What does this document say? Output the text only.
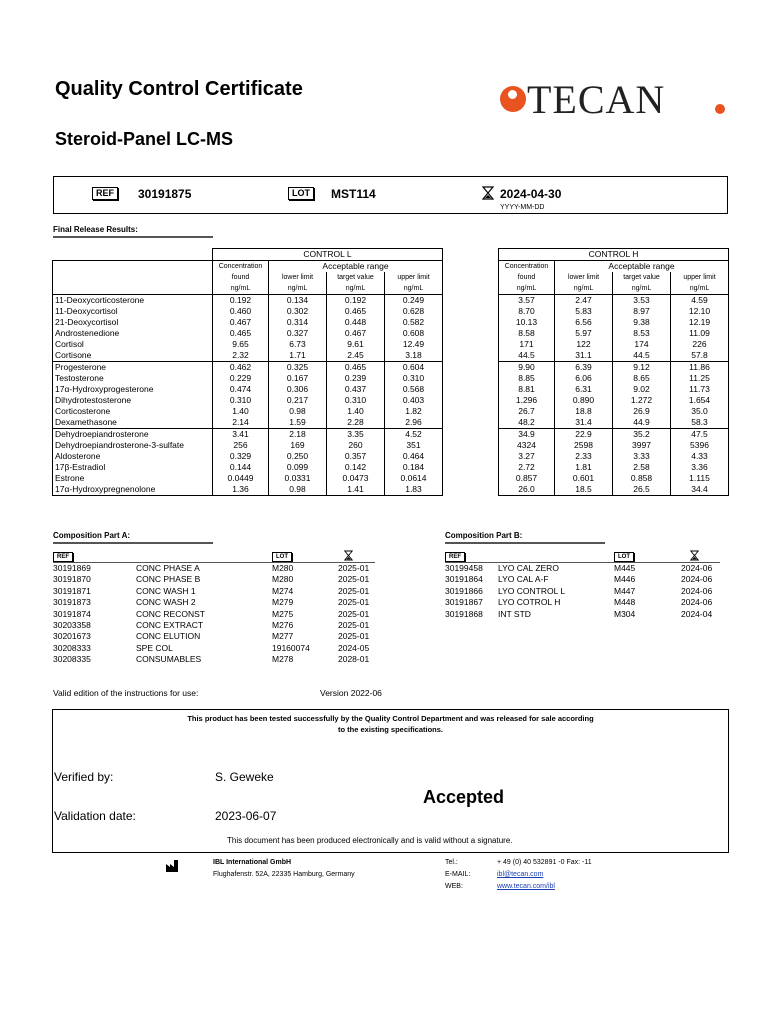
Quality Control Certificate
Steroid-Panel LC-MS
TECAN
REF	30191875	LOT	MST114	2024-04-30
YYYY-MM-DD
Final Release Results:
	CONTROL L					CONTROL H			
	Concentration	Acceptable range				Concentration	Acceptable range		
	found	lower limit	target value	upper limit		found	lower limit	target value	upper limit
	ng/mL	ng/mL	ng/mL	ng/mL		ng/mL	ng/mL	ng/mL	ng/mL
11-Deoxycorticosterone	0.192	0.134	0.192	0.249		3.57	2.47	3.53	4.59
11-Deoxycortisol	0.460	0.302	0.465	0.628		8.70	5.83	8.97	12.10
21-Deoxycortisol	0.467	0.314	0.448	0.582		10.13	6.56	9.38	12.19
Androstenedione	0.465	0.327	0.467	0.608		8.58	5.97	8.53	11.09
Cortisol	9.65	6.73	9.61	12.49		171	122	174	226
Cortisone	2.32	1.71	2.45	3.18		44.5	31.1	44.5	57.8
Progesterone	0.462	0.325	0.465	0.604		9.90	6.39	9.12	11.86
Testosterone	0.229	0.167	0.239	0.310		8.85	6.06	8.65	11.25
17α-Hydroxyprogesterone	0.474	0.306	0.437	0.568		8.81	6.31	9.02	11.73
Dihydrotestosterone	0.310	0.217	0.310	0.403		1.296	0.890	1.272	1.654
Corticosterone	1.40	0.98	1.40	1.82		26.7	18.8	26.9	35.0
Dexamethasone	2.14	1.59	2.28	2.96		48.2	31.4	44.9	58.3
Dehydroepiandrosterone	3.41	2.18	3.35	4.52		34.9	22.9	35.2	47.5
Dehydroepiandrosterone-3-sulfate	256	169	260	351		4324	2598	3997	5396
Aldosterone	0.329	0.250	0.357	0.464		3.27	2.33	3.33	4.33
17β-Estradiol	0.144	0.099	0.142	0.184		2.72	1.81	2.58	3.36
Estrone	0.0449	0.0331	0.0473	0.0614		0.857	0.601	0.858	1.115
17α-Hydroxypregnenolone	1.36	0.98	1.41	1.83		26.0	18.5	26.5	34.4
Composition Part A:
REF	LOT
30191869	CONC PHASE A	M280	2025-01
30191870	CONC PHASE B	M280	2025-01
30191871	CONC WASH 1	M274	2025-01
30191873	CONC WASH 2	M279	2025-01
30191874	CONC RECONST	M275	2025-01
30203358	CONC EXTRACT	M276	2025-01
30201673	CONC ELUTION	M277	2025-01
30208333	SPE COL	19160074	2024-05
30208335	CONSUMABLES	M278	2028-01
Composition Part B:
REF	LOT
30199458 LYO CAL ZERO	M445	2024-06
30191864 LYO CAL A-F	M446	2024-06
30191866 LYO CONTROL L	M447	2024-06
30191867 LYO COTROL H	M448	2024-06
30191868 INT STD	M304	2024-04
Valid edition of the instructions for use:	Version 2022-06
This product has been tested successfully by the Quality Control Department and was released for sale according
to the existing specifications.
Verified by:	S. Geweke
Accepted
Validation date:	2023-06-07
This document has been produced electronically and is valid without a signature.
IBL International GmbH
Flughafenstr. 52A, 22335 Hamburg, Germany
Tel.:	+ 49 (0) 40 532891 -0 Fax: -11
E-MAIL:	ibl@tecan.com
WEB:	www.tecan.com/ibl
